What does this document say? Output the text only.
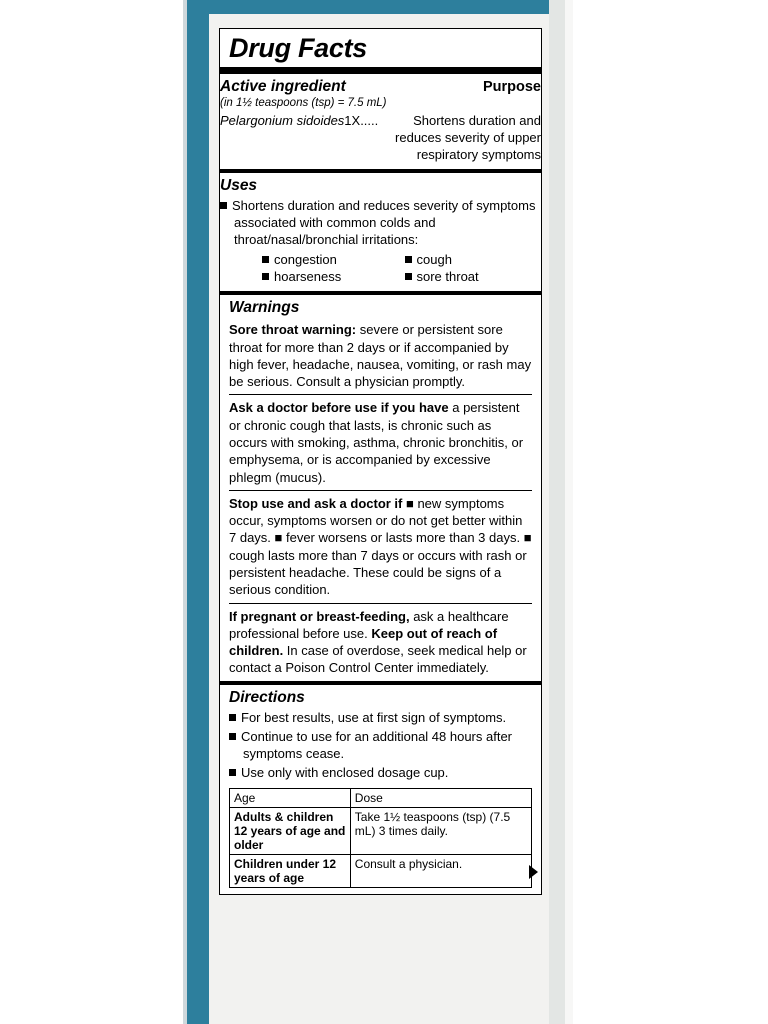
Drug Facts
Active ingredient	Purpose
(in 1½ teaspoons (tsp) = 7.5 mL)
Pelargonium sidoides1X.....	Shortens duration and reduces severity of upper respiratory symptoms
Uses
Shortens duration and reduces severity of symptoms associated with common colds and throat/nasal/bronchial irritations:
congestion	cough
hoarseness	sore throat
Warnings
Sore throat warning: severe or persistent sore throat for more than 2 days or if accompanied by high fever, headache, nausea, vomiting, or rash may be serious. Consult a physician promptly.
Ask a doctor before use if you have a persistent or chronic cough that lasts, is chronic such as occurs with smoking, asthma, chronic bronchitis, or emphysema, or is accompanied by excessive phlegm (mucus).
Stop use and ask a doctor if ■ new symptoms occur, symptoms worsen or do not get better within 7 days. ■ fever worsens or lasts more than 3 days. ■ cough lasts more than 7 days or occurs with rash or persistent headache. These could be signs of a serious condition.
If pregnant or breast-feeding, ask a healthcare professional before use. Keep out of reach of children. In case of overdose, seek medical help or contact a Poison Control Center immediately.
Directions
For best results, use at first sign of symptoms.
Continue to use for an additional 48 hours after symptoms cease.
Use only with enclosed dosage cup.
Age	Dose
Adults & children 12 years of age and older	Take 1½ teaspoons (tsp) (7.5 mL) 3 times daily.
Children under 12 years of age	Consult a physician.
